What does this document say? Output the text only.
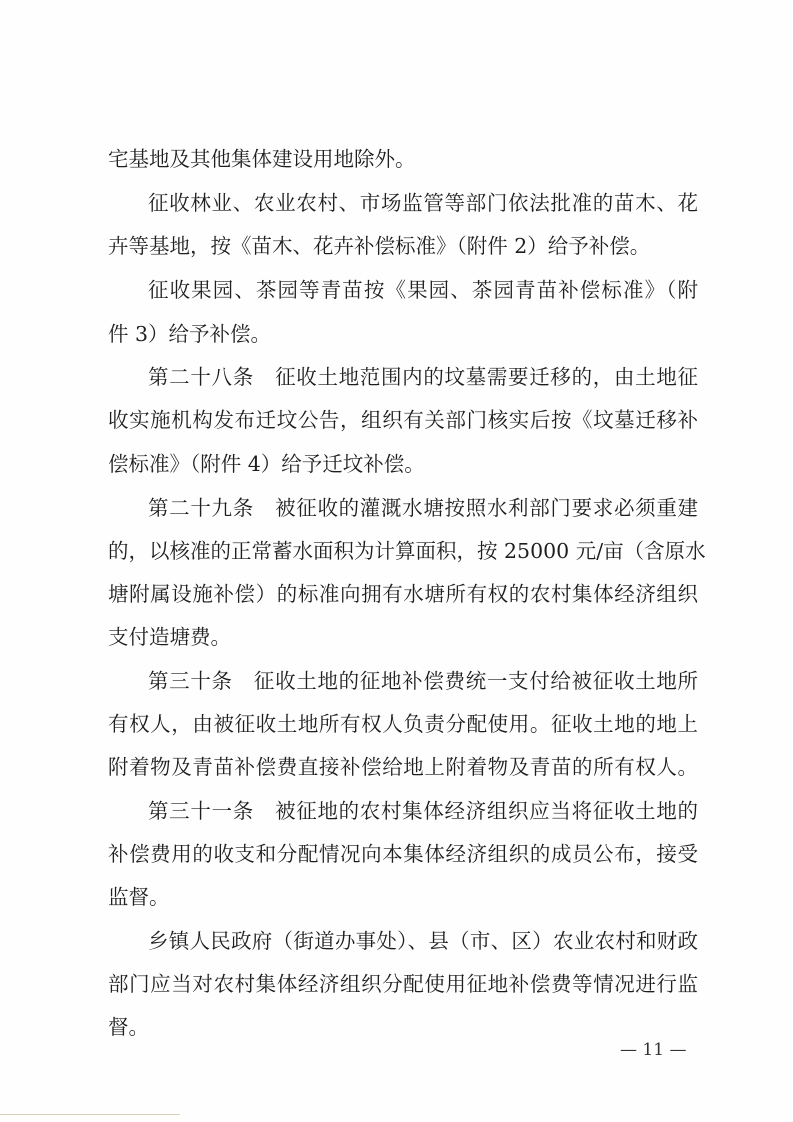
宅基地及其他集体建设用地除外。
征收林业、农业农村、市场监管等部门依法批准的苗木、花
卉等基地，按《苗木、花卉补偿标准》（附件 2）给予补偿。
征收果园、茶园等青苗按《果园、茶园青苗补偿标准》（附
件 3）给予补偿。
第二十八条　征收土地范围内的坟墓需要迁移的，由土地征
收实施机构发布迁坟公告，组织有关部门核实后按《坟墓迁移补
偿标准》（附件 4）给予迁坟补偿。
第二十九条　被征收的灌溉水塘按照水利部门要求必须重建
的，以核准的正常蓄水面积为计算面积，按 25000 元/亩（含原水
塘附属设施补偿）的标准向拥有水塘所有权的农村集体经济组织
支付造塘费。
第三十条　征收土地的征地补偿费统一支付给被征收土地所
有权人，由被征收土地所有权人负责分配使用。征收土地的地上
附着物及青苗补偿费直接补偿给地上附着物及青苗的所有权人。
第三十一条　被征地的农村集体经济组织应当将征收土地的
补偿费用的收支和分配情况向本集体经济组织的成员公布，接受
监督。
乡镇人民政府（街道办事处）、县（市、区）农业农村和财政
部门应当对农村集体经济组织分配使用征地补偿费等情况进行监
督。
— 11 —
